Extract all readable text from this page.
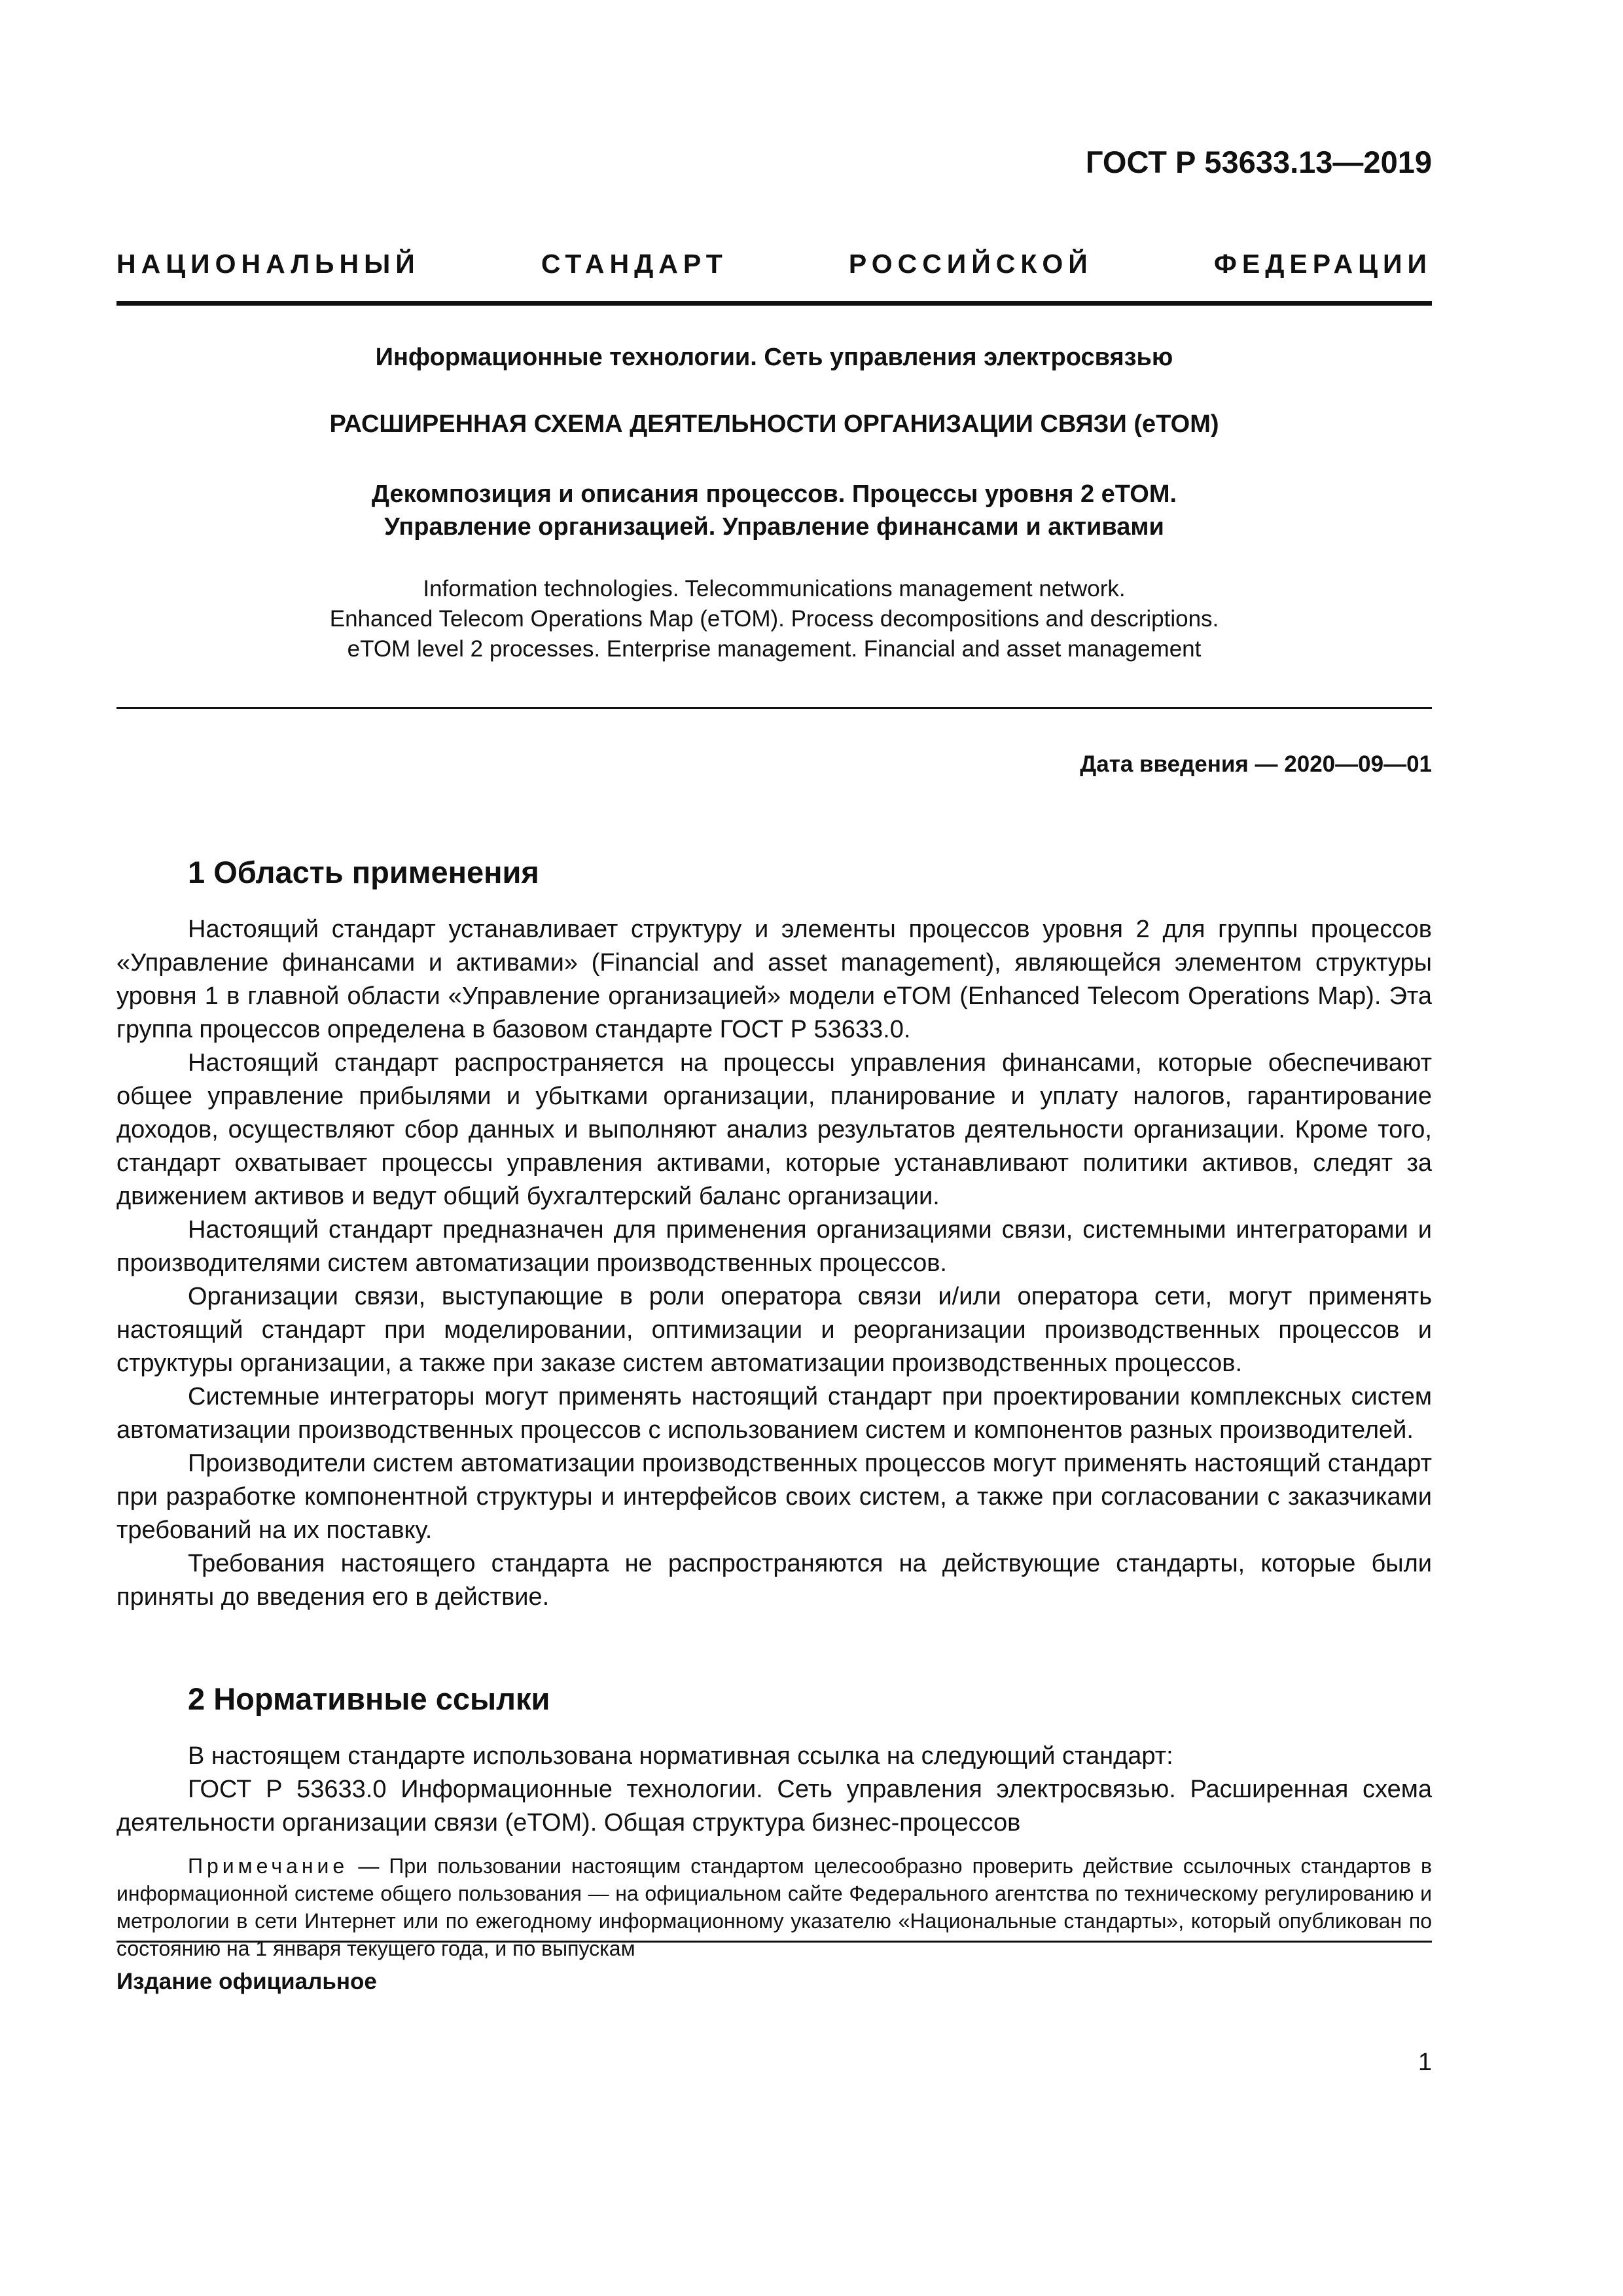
ГОСТ Р 53633.13—2019
НАЦИОНАЛЬНЫЙ СТАНДАРТ РОССИЙСКОЙ ФЕДЕРАЦИИ
Информационные технологии. Сеть управления электросвязью
РАСШИРЕННАЯ СХЕМА ДЕЯТЕЛЬНОСТИ ОРГАНИЗАЦИИ СВЯЗИ (eTOM)
Декомпозиция и описания процессов. Процессы уровня 2 eTOM.
Управление организацией. Управление финансами и активами
Information technologies. Telecommunications management network.
Enhanced Telecom Operations Map (eTOM). Process decompositions and descriptions.
eTOM level 2 processes. Enterprise management. Financial and asset management
Дата введения — 2020—09—01
1 Область применения

Настоящий стандарт устанавливает структуру и элементы процессов уровня 2 для группы процессов «Управление финансами и активами» (Financial and asset management), являющейся элементом структуры уровня 1 в главной области «Управление организацией» модели eTOM (Enhanced Telecom Operations Map). Эта группа процессов определена в базовом стандарте ГОСТ Р 53633.0.

Настоящий стандарт распространяется на процессы управления финансами, которые обеспечивают общее управление прибылями и убытками организации, планирование и уплату налогов, гарантирование доходов, осуществляют сбор данных и выполняют анализ результатов деятельности организации. Кроме того, стандарт охватывает процессы управления активами, которые устанавливают политики активов, следят за движением активов и ведут общий бухгалтерский баланс организации.

Настоящий стандарт предназначен для применения организациями связи, системными интеграторами и производителями систем автоматизации производственных процессов.

Организации связи, выступающие в роли оператора связи и/или оператора сети, могут применять настоящий стандарт при моделировании, оптимизации и реорганизации производственных процессов и структуры организации, а также при заказе систем автоматизации производственных процессов.

Системные интеграторы могут применять настоящий стандарт при проектировании комплексных систем автоматизации производственных процессов с использованием систем и компонентов разных производителей.

Производители систем автоматизации производственных процессов могут применять настоящий стандарт при разработке компонентной структуры и интерфейсов своих систем, а также при согласовании с заказчиками требований на их поставку.

Требования настоящего стандарта не распространяются на действующие стандарты, которые были приняты до введения его в действие.

2 Нормативные ссылки

В настоящем стандарте использована нормативная ссылка на следующий стандарт:

ГОСТ Р 53633.0 Информационные технологии. Сеть управления электросвязью. Расширенная схема деятельности организации связи (eTOM). Общая структура бизнес-процессов

Примечание — При пользовании настоящим стандартом целесообразно проверить действие ссылочных стандартов в информационной системе общего пользования — на официальном сайте Федерального агентства по техническому регулированию и метрологии в сети Интернет или по ежегодному информационному указателю «Национальные стандарты», который опубликован по состоянию на 1 января текущего года, и по выпускам

Издание официальное
1
